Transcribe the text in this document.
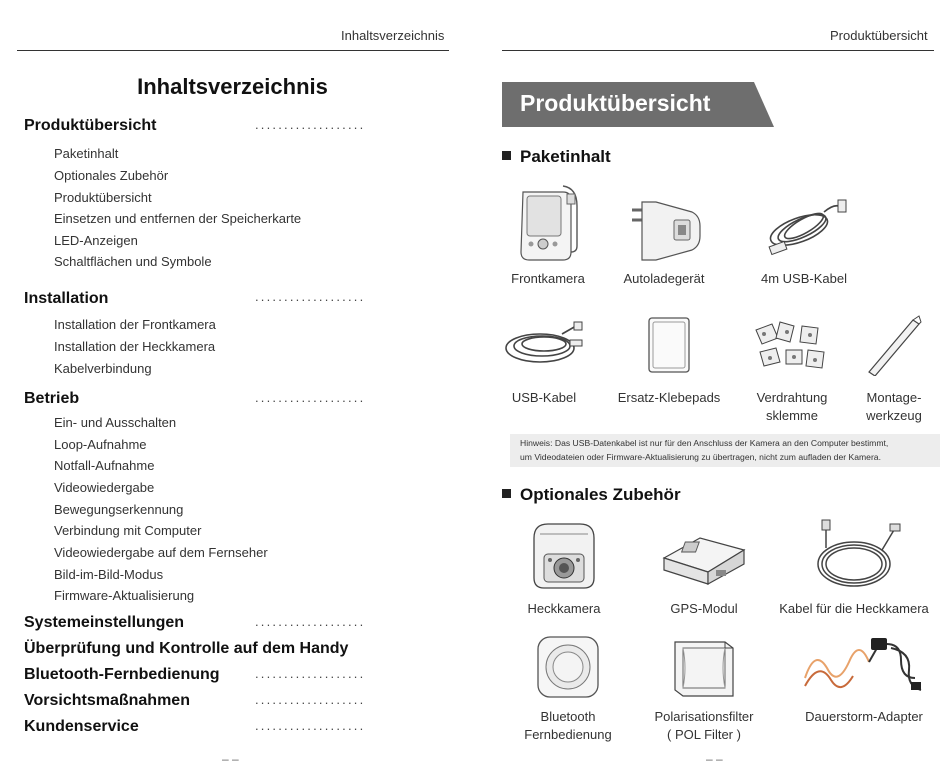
Inhaltsverzeichnis
Inhaltsverzeichnis
Produktübersicht	...................
Paketinhalt
Optionales Zubehör
Produktübersicht
Einsetzen und entfernen der Speicherkarte
LED-Anzeigen
Schaltflächen und Symbole
Installation	...................
Installation der Frontkamera
Installation der Heckkamera
Kabelverbindung
Betrieb	...................
Ein- und Ausschalten
Loop-Aufnahme
Notfall-Aufnahme
Videowiedergabe
Bewegungserkennung
Verbindung mit Computer
Videowiedergabe auf dem Fernseher
Bild-im-Bild-Modus
Firmware-Aktualisierung
Systemeinstellungen	...................
Überprüfung und Kontrolle auf dem Handy
Bluetooth-Fernbedienung	...................
Vorsichtsmaßnahmen	...................
Kundenservice	...................
– –
Produktübersicht
Produktübersicht
Paketinhalt
Frontkamera	Autoladegerät	4m USB-Kabel
USB-Kabel	Ersatz-Klebepads	Verdrahtung
sklemme
Montage-
werkzeug
Hinweis: Das USB-Datenkabel ist nur für den Anschluss der Kamera an den Computer bestimmt,
um Videodateien oder Firmware-Aktualisierung zu übertragen, nicht zum aufladen der Kamera.
Optionales Zubehör
Heckkamera	GPS-Modul	Kabel für die Heckkamera
Bluetooth
Fernbedienung
Polarisationsfilter
( POL Filter )
Dauerstorm-Adapter
– –
